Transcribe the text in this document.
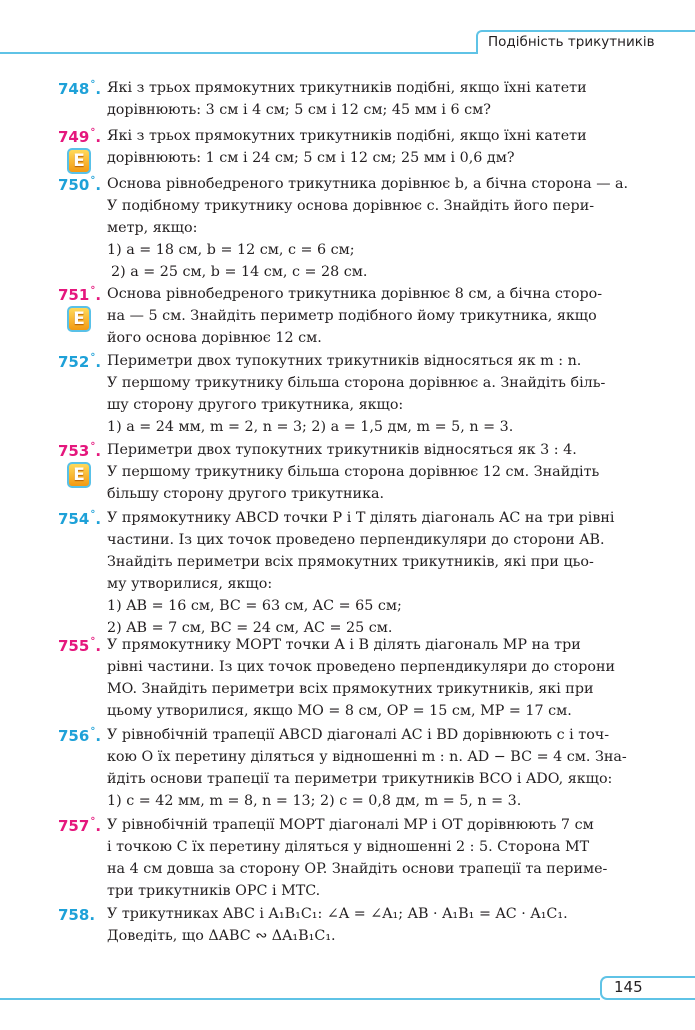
Подібність трикутників
748°. Які з трьох прямокутних трикутників подібні, якщо їхні катети
дорівнюють: 3 см і 4 см; 5 см і 12 см; 45 мм і 6 см?
749°.
E
Які з трьох прямокутних трикутників подібні, якщо їхні катети
дорівнюють: 1 см і 24 см; 5 см і 12 см; 25 мм і 0,6 дм?
750°. Основа рівнобедреного трикутника дорівнює b, а бічна сторона — a.
У подібному трикутнику основа дорівнює c. Знайдіть його пери-
метр, якщо:
1) a = 18 см, b = 12 см, c = 6 см;
2) a = 25 см, b = 14 см, c = 28 см.
751°.
E
Основа рівнобедреного трикутника дорівнює 8 см, а бічна сторо-
на — 5 см. Знайдіть периметр подібного йому трикутника, якщо
його основа дорівнює 12 см.
752°. Периметри двох тупокутних трикутників відносяться як m : n.
У першому трикутнику більша сторона дорівнює a. Знайдіть біль-
шу сторону другого трикутника, якщо:
1) a = 24 мм, m = 2, n = 3; 2) a = 1,5 дм, m = 5, n = 3.
753°.
E
Периметри двох тупокутних трикутників відносяться як 3 : 4.
У першому трикутнику більша сторона дорівнює 12 см. Знайдіть
більшу сторону другого трикутника.
754°. У прямокутнику ABCD точки P і T ділять діагональ AC на три рівні
частини. Із цих точок проведено перпендикуляри до сторони AB.
Знайдіть периметри всіх прямокутних трикутників, які при цьо-
му утворилися, якщо:
1) AB = 16 см, BC = 63 см, AC = 65 см;
2) AB = 7 см, BC = 24 см, AC = 25 см.
755°. У прямокутнику MOPT точки A і B ділять діагональ MP на три
рівні частини. Із цих точок проведено перпендикуляри до сторони
MO. Знайдіть периметри всіх прямокутних трикутників, які при
цьому утворилися, якщо MO = 8 см, OP = 15 см, MP = 17 см.
756°. У рівнобічній трапеції ABCD діагоналі AC і BD дорівнюють c і точ-
кою O їх перетину діляться у відношенні m : n. AD − BC = 4 см. Зна-
йдіть основи трапеції та периметри трикутників BCO і ADO, якщо:
1) c = 42 мм, m = 8, n = 13; 2) c = 0,8 дм, m = 5, n = 3.
757°. У рівнобічній трапеції MOPT діагоналі MP і OT дорівнюють 7 см
і точкою C їх перетину діляться у відношенні 2 : 5. Сторона MT
на 4 см довша за сторону OP. Знайдіть основи трапеції та периме-
три трикутників OPC і MTC.
758. У трикутниках ABC і A₁B₁C₁: ∠A = ∠A₁; AB · A₁B₁ = AC · A₁C₁.
Доведіть, що ΔABC ∾ ΔA₁B₁C₁.
145
